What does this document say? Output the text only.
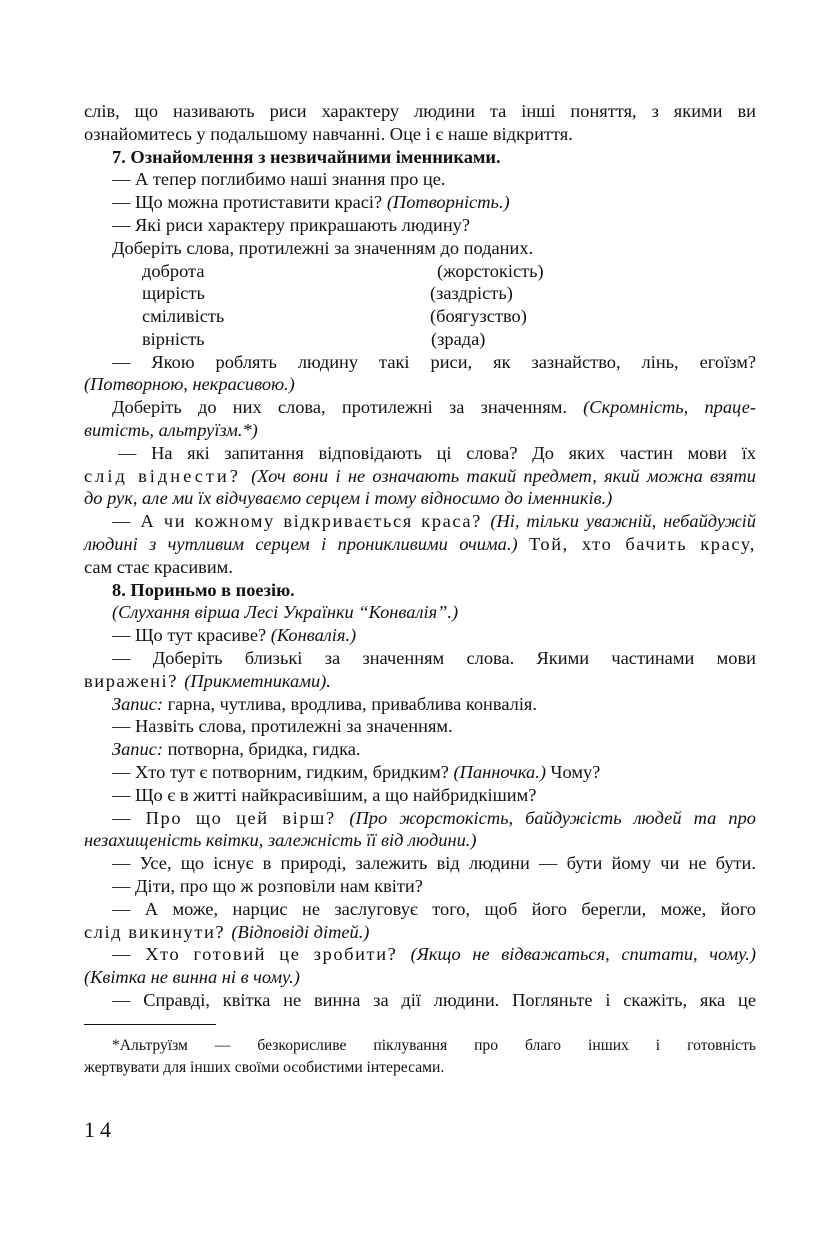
слів, що називають риси характеру людини та інші поняття, з якими ви
ознайомитесь у подальшому навчанні. Оце і є наше відкриття.
7. Ознайомлення з незвичайними іменниками.
— А тепер поглибимо наші знання про це.
— Що можна протиставити красі? (Потворність.)
— Які риси характеру прикрашають людину?
Доберіть слова, протилежні за значенням до поданих.
доброта	(жорстокість)
щирість	(заздрість)
сміливість	(боягузство)
вірність	(зрада)
— Якою роблять людину такі риси, як зазнайство, лінь, егоїзм?
(Потворною, некрасивою.)
Доберіть до них слова, протилежні за значенням. (Скромність, праце-
витість, альтруїзм.*)
— На які запитання відповідають ці слова? До яких частин мови їх
слід віднести? (Хоч вони і не означають такий предмет, який можна взяти
до рук, але ми їх відчуваємо серцем і тому відносимо до іменників.)
— А чи кожному відкривається краса? (Ні, тільки уважній, небайдужій
людині з чутливим серцем і проникливими очима.) Той, хто бачить красу,
сам стає красивим.
8. Пориньмо в поезію.
(Слухання вірша Лесі Українки “Конвалія”.)
— Що тут красиве? (Конвалія.)
— Доберіть близькі за значенням слова. Якими частинами мови
виражені? (Прикметниками).
Запис: гарна, чутлива, вродлива, приваблива конвалія.
— Назвіть слова, протилежні за значенням.
Запис: потворна, бридка, гидка.
— Хто тут є потворним, гидким, бридким? (Панночка.) Чому?
— Що є в житті найкрасивішим, а що найбридкішим?
— Про що цей вірш? (Про жорстокість, байдужість людей та про
незахищеність квітки, залежність її від людини.)
— Усе, що існує в природі, залежить від людини — бути йому чи не бути.
— Діти, про що ж розповіли нам квіти?
— А може, нарцис не заслуговує того, щоб його берегли, може, його
слід викинути? (Відповіді дітей.)
— Хто готовий це зробити? (Якщо не відважаться, спитати, чому.)
(Квітка не винна ні в чому.)
— Справді, квітка не винна за дії людини. Погляньте і скажіть, яка це
*Альтруїзм — безкорисливе піклування про благо інших і готовність
жертвувати для інших своїми особистими інтересами.
14
